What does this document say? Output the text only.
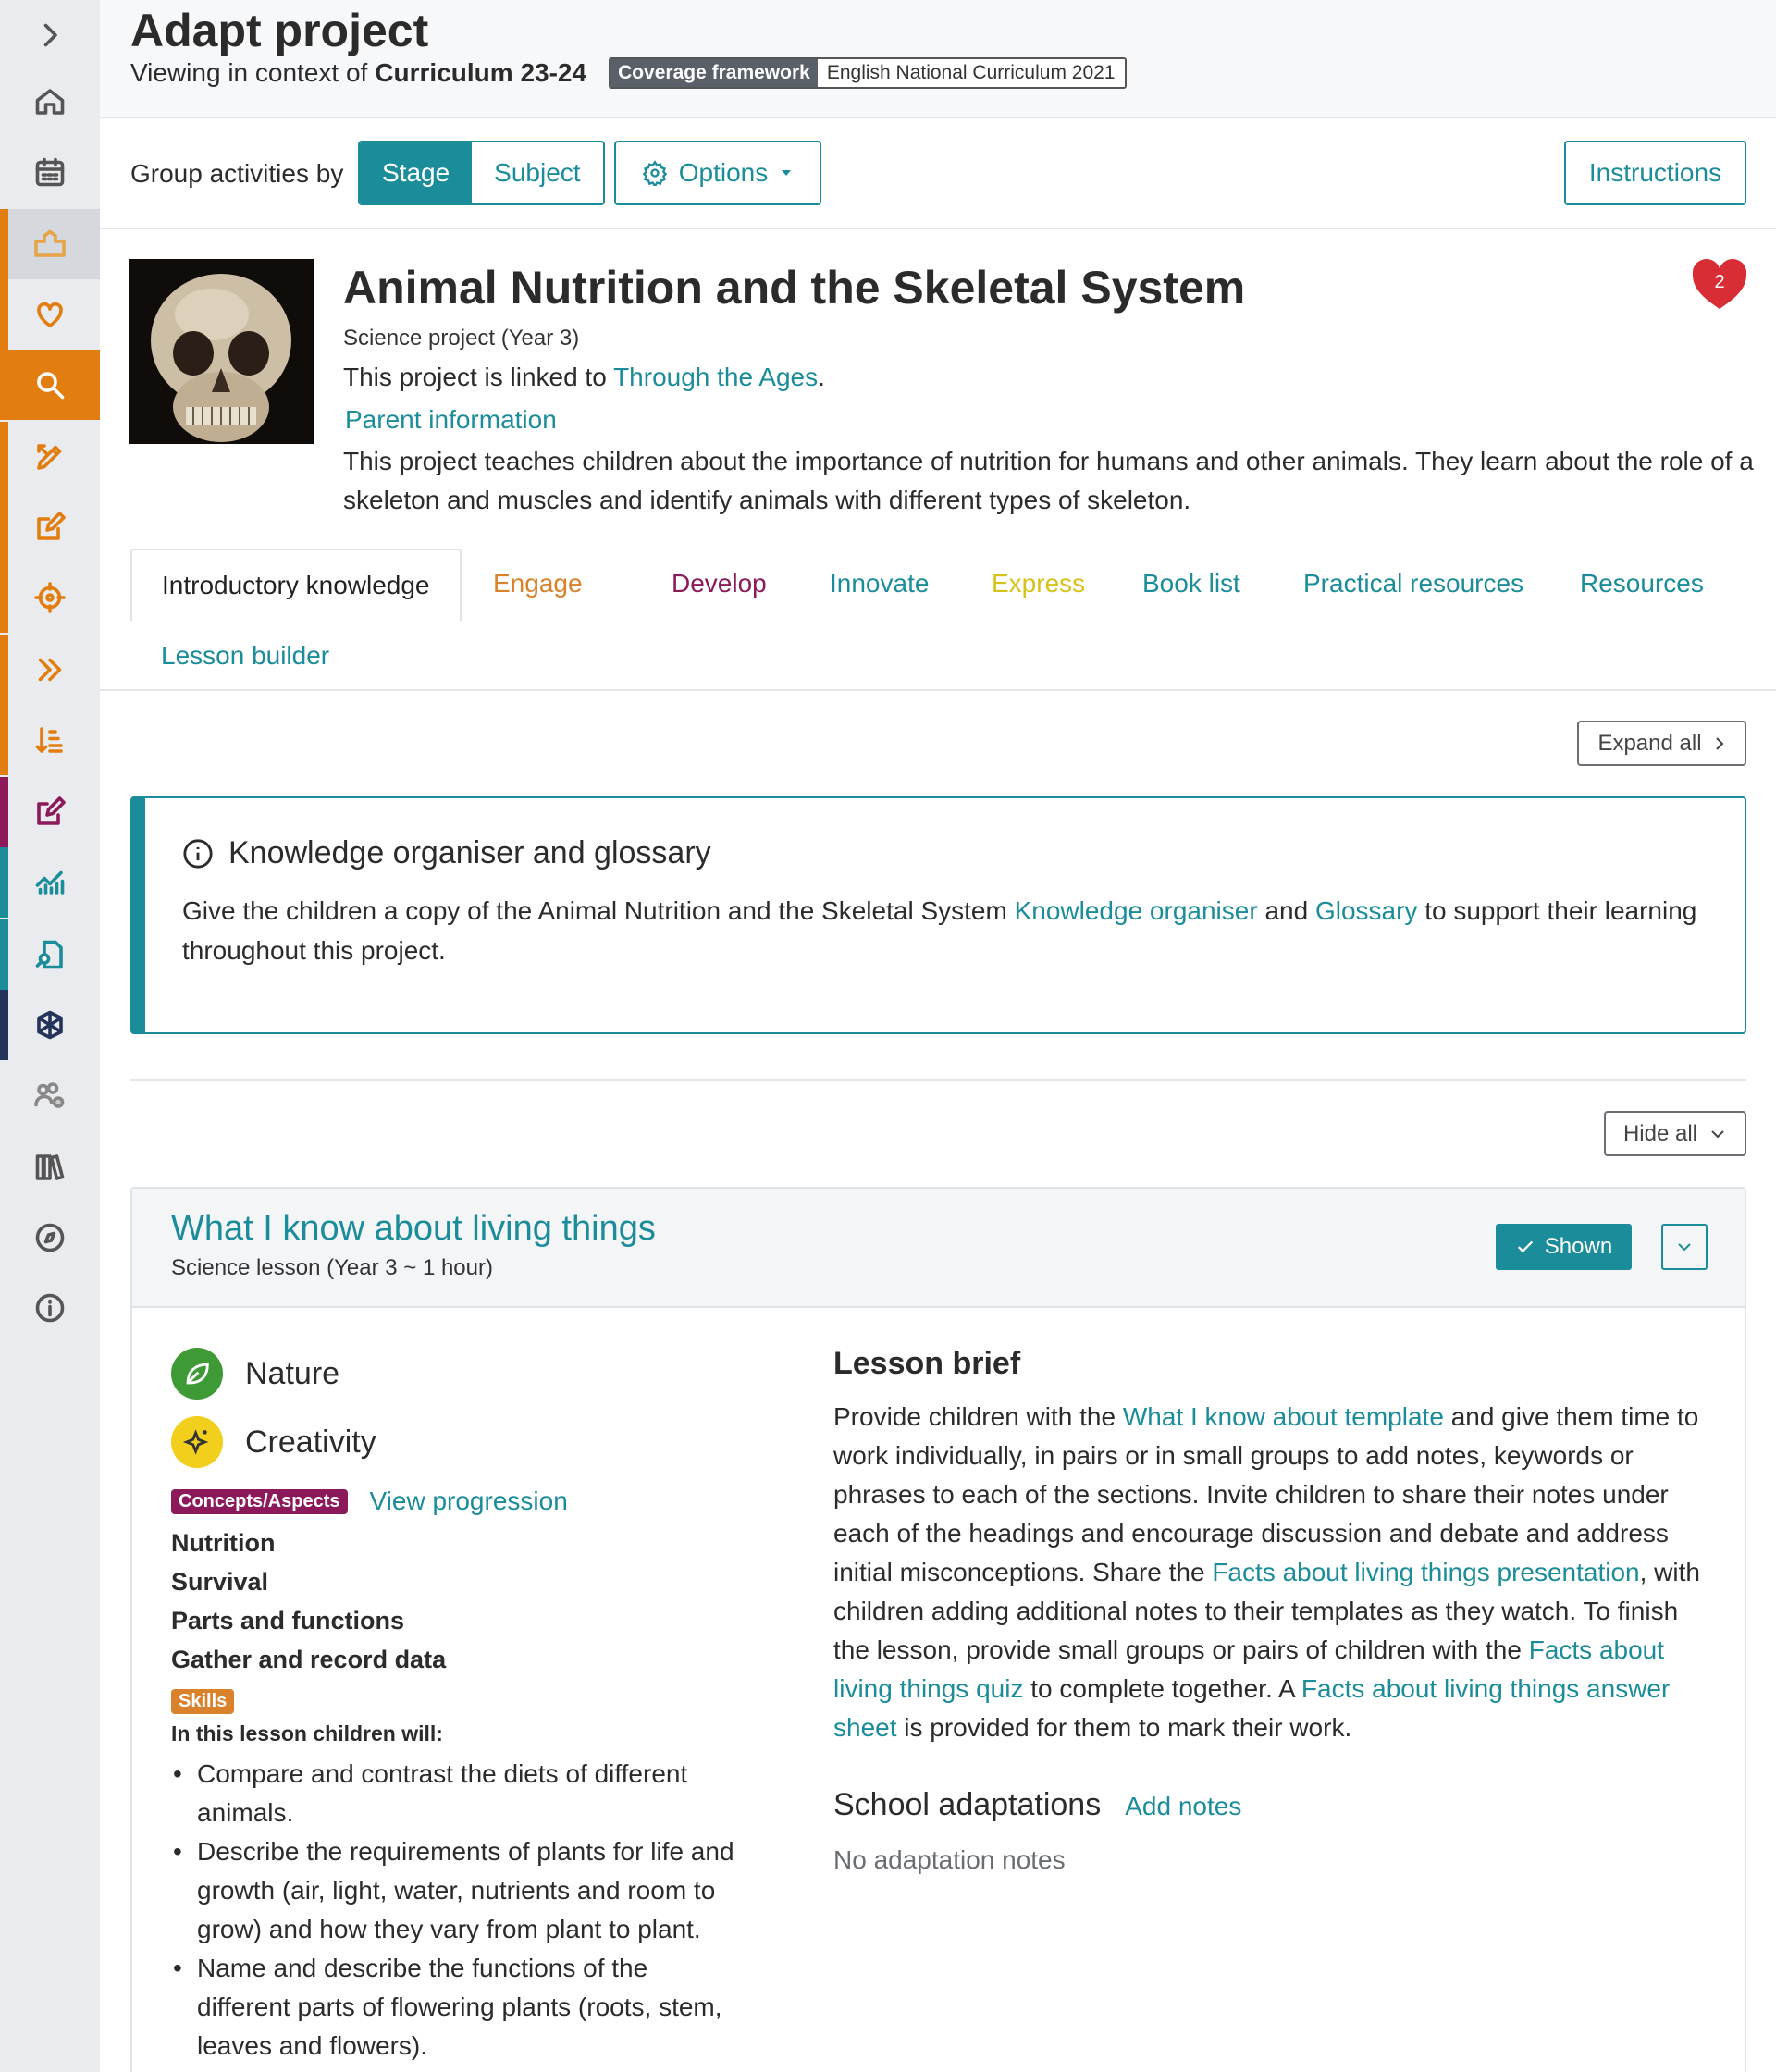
Adapt project
Viewing in context of Curriculum 23-24	Coverage framework English National Curriculum 2021
Group activities by	Stage	Subject	Options	Instructions
Animal Nutrition and the Skeletal System
Science project (Year 3)
This project is linked to Through the Ages.
Parent information

This project teaches children about the importance of nutrition for humans and other animals. They learn about the role of a skeleton and muscles and identify animals with different types of skeleton.

2
Introductory knowledge	Engage	Develop Innovate Express Book list Practical resources Resources
Lesson builder
Expand all
Knowledge organiser and glossary

Give the children a copy of the Animal Nutrition and the Skeletal System Knowledge organiser and Glossary to support their learning throughout this project.

Hide all
What I know about living things
Science lesson (Year 3 ~ 1 hour)
Shown
Nature
Creativity
Concepts/Aspects View progression
Nutrition
Survival
Parts and functions
Gather and record data
Skills
In this lesson children will:
• Compare and contrast the diets of different animals.
• Describe the requirements of plants for life and growth (air, light, water, nutrients and room to grow) and how they vary from plant to plant.
• Name and describe the functions of the different parts of flowering plants (roots, stem, leaves and flowers).
Lesson brief

Provide children with the What I know about template and give them time to work individually, in pairs or in small groups to add notes, keywords or phrases to each of the sections. Invite children to share their notes under each of the headings and encourage discussion and debate and address initial misconceptions. Share the Facts about living things presentation, with children adding additional notes to their templates as they watch. To finish the lesson, provide small groups or pairs of children with the Facts about living things quiz to complete together. A Facts about living things answer sheet is provided for them to mark their work.

School adaptations Add notes
No adaptation notes
